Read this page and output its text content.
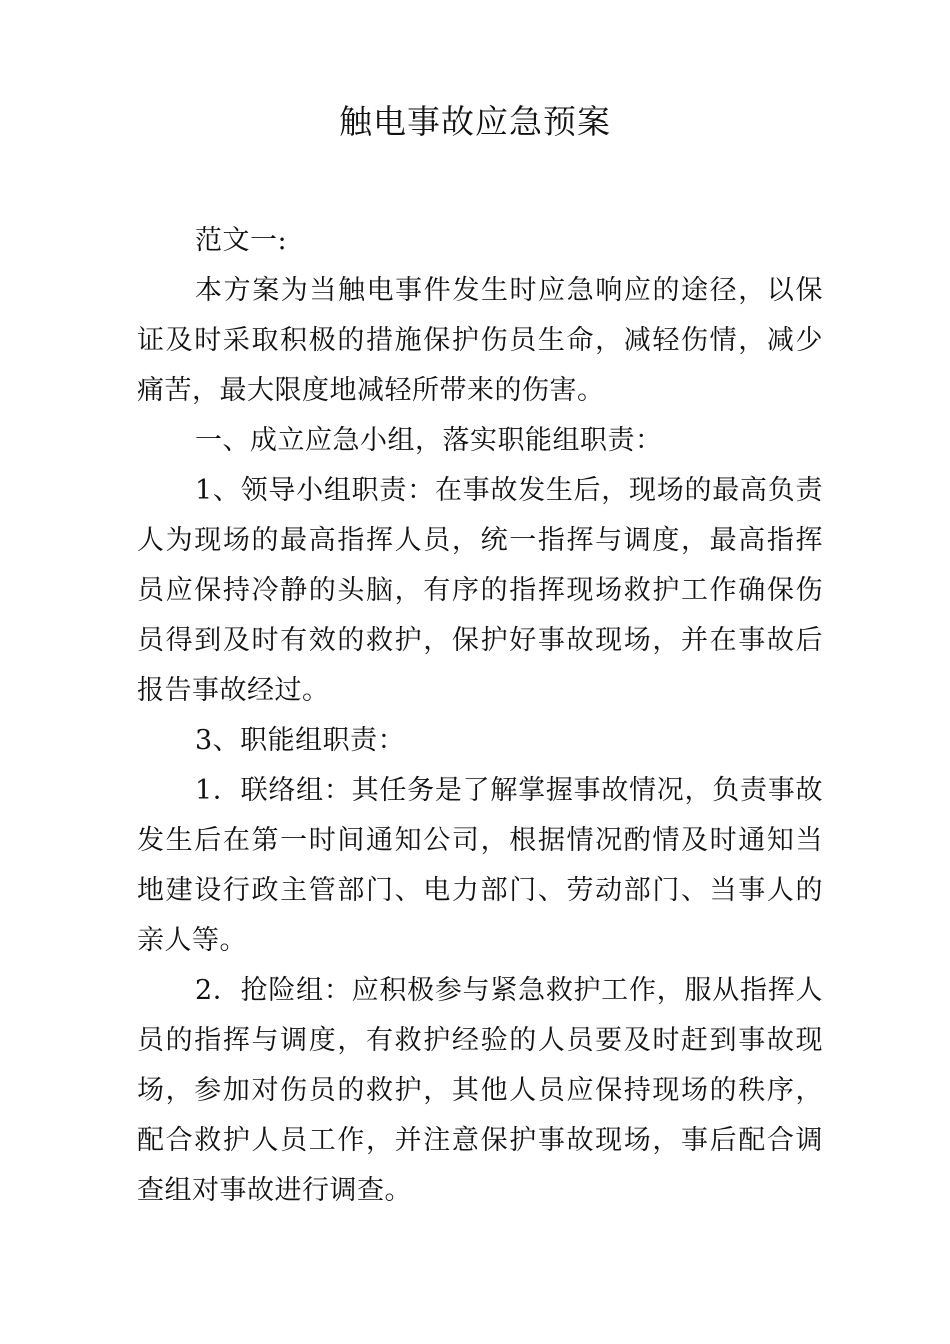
触电事故应急预案

范文一:

本方案为当触电事件发生时应急响应的途径，以保证及时采取积极的措施保护伤员生命，减轻伤情，减少痛苦，最大限度地减轻所带来的伤害。

一、成立应急小组，落实职能组职责：

1、领导小组职责：在事故发生后，现场的最高负责人为现场的最高指挥人员，统一指挥与调度，最高指挥员应保持冷静的头脑，有序的指挥现场救护工作确保伤员得到及时有效的救护，保护好事故现场，并在事故后报告事故经过。

3、职能组职责：

1．联络组：其任务是了解掌握事故情况，负责事故发生后在第一时间通知公司，根据情况酌情及时通知当地建设行政主管部门、电力部门、劳动部门、当事人的亲人等。

2．抢险组：应积极参与紧急救护工作，服从指挥人员的指挥与调度，有救护经验的人员要及时赶到事故现场，参加对伤员的救护，其他人员应保持现场的秩序，配合救护人员工作，并注意保护事故现场，事后配合调查组对事故进行调查。
